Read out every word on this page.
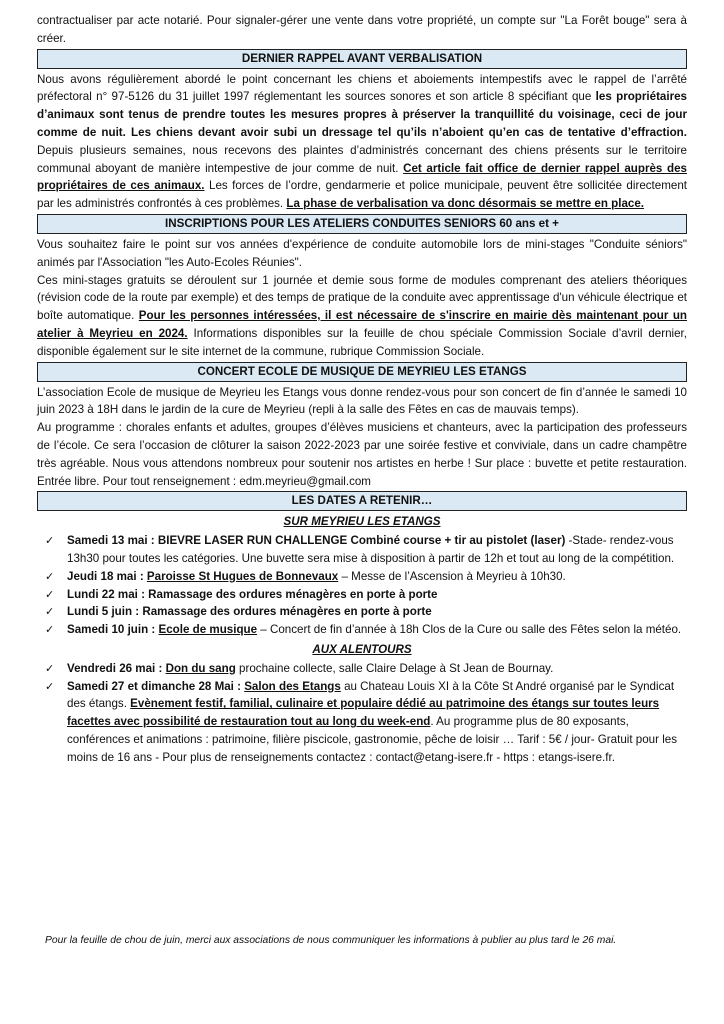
contractualiser par acte notarié. Pour signaler-gérer une vente dans votre propriété, un compte sur "La Forêt bouge" sera à créer.

DERNIER RAPPEL AVANT VERBALISATION

Nous avons régulièrement abordé le point concernant les chiens et aboiements intempestifs avec le rappel de l’arrêté préfectoral n° 97-5126 du 31 juillet 1997 réglementant les sources sonores et son article 8 spécifiant que les propriétaires d’animaux sont tenus de prendre toutes les mesures propres à préserver la tranquillité du voisinage, ceci de jour comme de nuit. Les chiens devant avoir subi un dressage tel qu’ils n’aboient qu’en cas de tentative d’effraction. Depuis plusieurs semaines, nous recevons des plaintes d’administrés concernant des chiens présents sur le territoire communal aboyant de manière intempestive de jour comme de nuit. Cet article fait office de dernier rappel auprès des propriétaires de ces animaux. Les forces de l’ordre, gendarmerie et police municipale, peuvent être sollicitée directement par les administrés confrontés à ces problèmes. La phase de verbalisation va donc désormais se mettre en place.

INSCRIPTIONS POUR LES ATELIERS CONDUITES SENIORS 60 ans et +

Vous souhaitez faire le point sur vos années d'expérience de conduite automobile lors de mini-stages "Conduite séniors" animés par l'Association "les Auto-Ecoles Réunies".

Ces mini-stages gratuits se déroulent sur 1 journée et demie sous forme de modules comprenant des ateliers théoriques (révision code de la route par exemple) et des temps de pratique de la conduite avec apprentissage d'un véhicule électrique et boîte automatique. Pour les personnes intéressées, il est nécessaire de s'inscrire en mairie dès maintenant pour un atelier à Meyrieu en 2024. Informations disponibles sur la feuille de chou spéciale Commission Sociale d’avril dernier, disponible également sur le site internet de la commune, rubrique Commission Sociale.

CONCERT ECOLE DE MUSIQUE DE MEYRIEU LES ETANGS

L’association Ecole de musique de Meyrieu les Etangs vous donne rendez-vous pour son concert de fin d’année le samedi 10 juin 2023 à 18H dans le jardin de la cure de Meyrieu (repli à la salle des Fêtes en cas de mauvais temps).

Au programme : chorales enfants et adultes, groupes d’élèves musiciens et chanteurs, avec la participation des professeurs de l’école. Ce sera l’occasion de clôturer la saison 2022-2023 par une soirée festive et conviviale, dans un cadre champêtre très agréable. Nous vous attendons nombreux pour soutenir nos artistes en herbe ! Sur place : buvette et petite restauration. Entrée libre. Pour tout renseignement : edm.meyrieu@gmail.com

LES DATES A RETENIR…
SUR MEYRIEU LES ETANGS
✓ Samedi 13 mai : BIEVRE LASER RUN CHALLENGE Combiné course + tir au pistolet (laser) -Stade- rendez-vous 13h30 pour toutes les catégories. Une buvette sera mise à disposition à partir de 12h et tout au long de la compétition.
✓ Jeudi 18 mai : Paroisse St Hugues de Bonnevaux – Messe de l’Ascension à Meyrieu à 10h30.
✓ Lundi 22 mai : Ramassage des ordures ménagères en porte à porte
✓ Lundi 5 juin : Ramassage des ordures ménagères en porte à porte
✓ Samedi 10 juin : Ecole de musique – Concert de fin d’année à 18h Clos de la Cure ou salle des Fêtes selon la météo.
AUX ALENTOURS
✓ Vendredi 26 mai : Don du sang prochaine collecte, salle Claire Delage à St Jean de Bournay.
✓ Samedi 27 et dimanche 28 Mai : Salon des Etangs au Chateau Louis XI à la Côte St André organisé par le Syndicat des étangs. Evènement festif, familial, culinaire et populaire dédié au patrimoine des étangs sur toutes leurs facettes avec possibilité de restauration tout au long du week-end. Au programme plus de 80 exposants, conférences et animations : patrimoine, filière piscicole, gastronomie, pêche de loisir … Tarif : 5€ / jour- Gratuit pour les moins de 16 ans - Pour plus de renseignements contactez : contact@etang-isere.fr - https : etangs-isere.fr.
Pour la feuille de chou de juin, merci aux associations de nous communiquer les informations à publier au plus tard le 26 mai.
